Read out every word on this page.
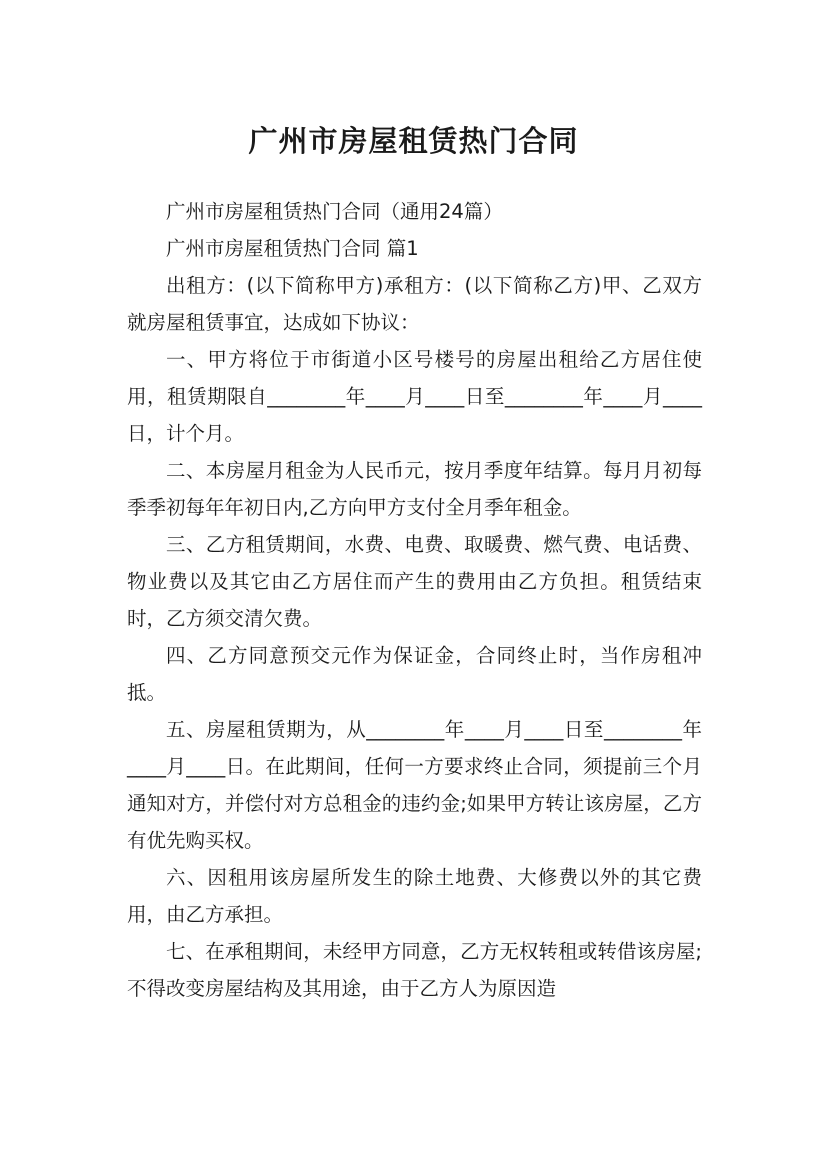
广州市房屋租赁热门合同

广州市房屋租赁热门合同（通用24篇）

广州市房屋租赁热门合同 篇1

出租方：(以下简称甲方)承租方：(以下简称乙方)甲、乙双方就房屋租赁事宜，达成如下协议：

一、甲方将位于市街道小区号楼号的房屋出租给乙方居住使用，租赁期限自________年____月____日至________年____月____日，计个月。

二、本房屋月租金为人民币元，按月季度年结算。每月月初每季季初每年年初日内,乙方向甲方支付全月季年租金。

三、乙方租赁期间，水费、电费、取暖费、燃气费、电话费、物业费以及其它由乙方居住而产生的费用由乙方负担。租赁结束时，乙方须交清欠费。

四、乙方同意预交元作为保证金，合同终止时，当作房租冲抵。

五、房屋租赁期为，从________年____月____日至________年____月____日。在此期间，任何一方要求终止合同，须提前三个月通知对方，并偿付对方总租金的违约金;如果甲方转让该房屋，乙方有优先购买权。

六、因租用该房屋所发生的除土地费、大修费以外的其它费用，由乙方承担。

七、在承租期间，未经甲方同意，乙方无权转租或转借该房屋;不得改变房屋结构及其用途，由于乙方人为原因造
